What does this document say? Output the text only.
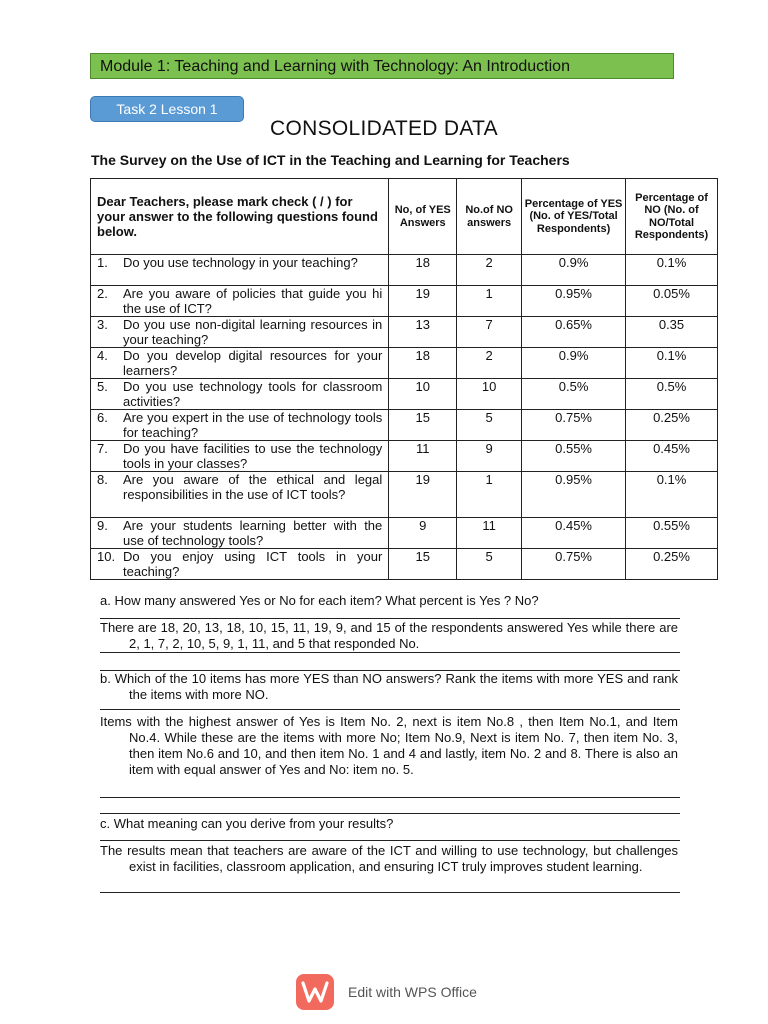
Module 1: Teaching and Learning with Technology: An Introduction
Task 2 Lesson 1
CONSOLIDATED DATA
The Survey on the Use of ICT in the Teaching and Learning for Teachers
Dear Teachers, please mark check ( / ) for your answer to the following questions found below.	No, of YES Answers	No.of NO answers	Percentage of YES (No. of YES/Total Respondents)	Percentage of NO (No. of NO/Total Respondents)

1. Do you use technology in your teaching?	18	2	0.9%	0.1%

2. Are you aware of policies that guide you hi the use of ICT?	19	1	0.95%	0.05%

3. Do you use non-digital learning resources in your teaching?	13	7	0.65%	0.35

4. Do you develop digital resources for your learners?	18	2	0.9%	0.1%

5. Do you use technology tools for classroom activities?	10	10	0.5%	0.5%

6. Are you expert in the use of technology tools for teaching?	15	5	0.75%	0.25%

7. Do you have facilities to use the technology tools in your classes?	11	9	0.55%	0.45%

8. Are you aware of the ethical and legal responsibilities in the use of ICT tools?	19	1	0.95%	0.1%

9. Are your students learning better with the use of technology tools?	9	11	0.45%	0.55%

10. Do you enjoy using ICT tools in your teaching?	15	5	0.75%	0.25%
a. How many answered Yes or No for each item? What percent is Yes ? No?
There are 18, 20, 13, 18, 10, 15, 11, 19, 9, and 15 of the respondents answered Yes while there are 2, 1, 7, 2, 10, 5, 9, 1, 11, and 5 that responded No.
b. Which of the 10 items has more YES than NO answers? Rank the items with more YES and rank the items with more NO.
Items with the highest answer of Yes is Item No. 2, next is item No.8 , then Item No.1, and Item No.4. While these are the items with more No; Item No.9, Next is item No. 7, then item No. 3, then item No.6 and 10, and then item No. 1 and 4 and lastly, item No. 2 and 8. There is also an item with equal answer of Yes and No: item no. 5.
c. What meaning can you derive from your results?
The results mean that teachers are aware of the ICT and willing to use technology, but challenges exist in facilities, classroom application, and ensuring ICT truly improves student learning.
Edit with WPS Office
